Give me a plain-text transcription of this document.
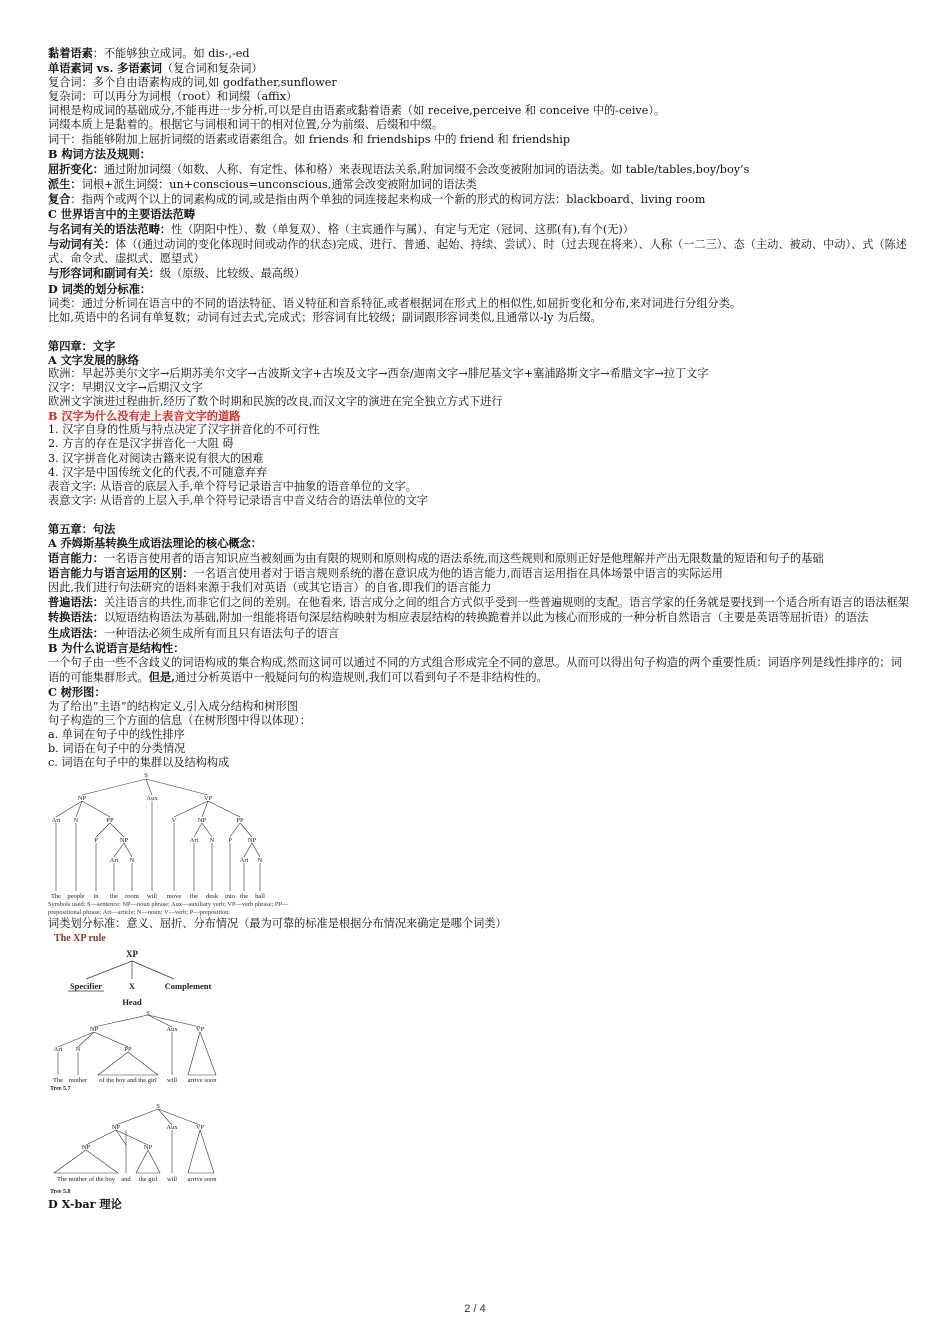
黏着语素：不能够独立成词。如 dis-,-ed
单语素词 vs. 多语素词（复合词和复杂词）
复合词：多个自由语素构成的词,如 godfather,sunflower
复杂词：可以再分为词根（root）和词缀（affix）
词根是构成词的基础成分,不能再进一步分析,可以是自由语素或黏着语素（如 receive,perceive 和 conceive 中的-ceive）。
词缀本质上是黏着的。根据它与词根和词干的相对位置,分为前缀、后缀和中缀。
词干：指能够附加上屈折词缀的语素或语素组合。如 friends 和 friendships 中的 friend 和 friendship
B 构词方法及规则：
屈折变化：通过附加词缀（如数、人称、有定性、体和格）来表现语法关系,附加词缀不会改变被附加词的语法类。如 table/tables,boy/boy’s
派生：词根+派生词缀：un+conscious=unconscious,通常会改变被附加词的语法类
复合：指两个或两个以上的词素构成的词,或是指由两个单独的词连接起来构成一个新的形式的构词方法：blackboard、living room
C 世界语言中的主要语法范畴
与名词有关的语法范畴：性（阴阳中性）、数（单复双）、格（主宾通作与属）、有定与无定（冠词、这那(有),有个(无)）
与动词有关：体（(通过动词的变化体现时间或动作的状态)完成、进行、普通、起始、持续、尝试）、时（过去现在将来）、人称（一二三）、态（主动、被动、中动）、式（陈述式、命令式、虚拟式、愿望式）
与形容词和副词有关：级（原级、比较级、最高级）
D 词类的划分标准：
词类：通过分析词在语言中的不同的语法特征、语义特征和音系特征,或者根据词在形式上的相似性,如屈折变化和分布,来对词进行分组分类。
比如,英语中的名词有单复数；动词有过去式,完成式；形容词有比较级；副词跟形容词类似,且通常以-ly 为后缀。
第四章：文字
A 文字发展的脉络
欧洲：早起苏美尔文字→后期苏美尔文字→古波斯文字+古埃及文字→西奈/迦南文字→腓尼基文字+塞浦路斯文字→希腊文字→拉丁文字
汉字：早期汉文字→后期汉文字
欧洲文字演进过程曲折,经历了数个时期和民族的改良,而汉文字的演进在完全独立方式下进行
B 汉字为什么没有走上表音文字的道路
1. 汉字自身的性质与特点决定了汉字拼音化的不可行性
2. 方言的存在是汉字拼音化一大阻 碍
3. 汉字拼音化对阅读古籍来说有很大的困难
4. 汉字是中国传统文化的代表,不可随意弃弃
表音文字: 从语音的底层入手,单个符号记录语言中抽象的语音单位的文字。
表意文字: 从语音的上层入手,单个符号记录语言中音义结合的语法单位的文字
第五章：句法
A 乔姆斯基转换生成语法理论的核心概念：
语言能力：一名语言使用者的语言知识应当被刻画为由有限的规则和原则构成的语法系统,而这些规则和原则正好是他理解并产出无限数量的短语和句子的基础
语言能力与语言运用的区别：一名语言使用者对于语言规则系统的潜在意识成为他的语言能力,而语言运用指在具体场景中语言的实际运用
因此,我们进行句法研究的语料来源于我们对英语（或其它语言）的自省,即我们的语言能力
普遍语法：关注语言的共性,而非它们之间的差别。在他看来, 语言成分之间的组合方式似乎受到一些普遍规则的支配。语言学家的任务就是要找到一个适合所有语言的语法框架
转换语法：以短语结构语法为基础,附加一组能将语句深层结构映射为相应表层结构的转换跪着并以此为核心而形成的一种分析自然语言（主要是英语等屈折语）的语法
生成语法：一种语法必须生成所有而且只有语法句子的语言
B 为什么说语言是结构性：
一个句子由一些不含歧义的词语构成的集合构成,然而这词可以通过不同的方式组合形成完全不同的意思。从而可以得出句子构造的两个重要性质：词语序列是线性排序的；词语的可能集群形式。但是,通过分析英语中一般疑问句的构造规则,我们可以看到句子不是非结构性的。
C 树形图：
为了给出“主语”的结构定义,引入成分结构和树形图
句子构造的三个方面的信息（在树形图中得以体现）：
a. 单词在句子中的线性排序
b. 词语在句子中的分类情况
c. 词语在句子中的集群以及结构构成
S
NP	Aux	VP
Art N	PP	V	NP	PP
P	NP	Art N P NP
Art N	Art N
The people in the room will move the desk into the hall
Symbols used: S—sentence; NP—noun phrase; Aux—auxiliary verb; VP—verb phrase; PP—prepositional phrase; Art—article; N—noun; V—verb; P—preposition.
词类划分标准：意义、屈折、分布情况（最为可靠的标准是根据分布情况来确定是哪个词类）
The XP rule
XP
Specifier	X	Complement
Head
S
NP	Aux	VP
Art N	PP
The mother of the boy and the girl will arrive soon
Tree 5.7
S
NP	Aux	VP
NP	NP
The mother of the boy and the girl will arrive soon
Tree 5.8
D X-bar 理论
2 / 4
